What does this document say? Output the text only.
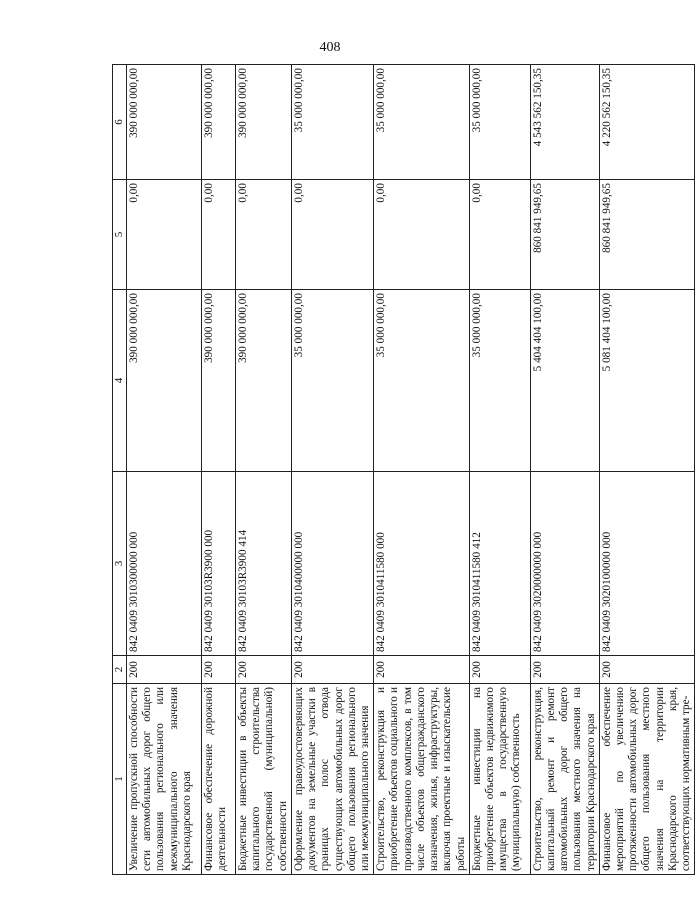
408
1	2	3	4	5	6
Увеличение пропускной способности сети автомобильных дорог общего пользования регионального или межмуниципального значения Краснодарского края	200	842 0409 3010300000 000	390 000 000,00	0,00	390 000 000,00
Финансовое обеспечение дорожной деятельности	200	842 0409 30103R3900 000	390 000 000,00	0,00	390 000 000,00
Бюджетные инвестиции в объекты капитального строительства государственной (муниципальной) собственности	200	842 0409 30103R3900 414	390 000 000,00	0,00	390 000 000,00
Оформление правоудостоверяющих документов на земельные участки в границах полос отвода существующих автомобильных дорог общего пользования регионального или межмуниципального значения	200	842 0409 3010400000 000	35 000 000,00	0,00	35 000 000,00
Строительство, реконструкция и приобретение объектов социального и производственного комплексов, в том числе объектов общегражданского назначения, жилья, инфраструктуры, включая проектные и изыскательские работы	200	842 0409 3010411580 000	35 000 000,00	0,00	35 000 000,00
Бюджетные инвестиции на приобретение объектов недвижимого имущества в государственную (муниципальную) собственность	200	842 0409 3010411580 412	35 000 000,00	0,00	35 000 000,00
Строительство, реконструкция, капитальный ремонт и ремонт автомобильных дорог общего пользования местного значения на территории Краснодарского края	200	842 0409 3020000000 000	5 404 404 100,00	860 841 949,65	4 543 562 150,35
Финансовое обеспечение мероприятий по увеличению протяженности автомобильных дорог общего пользования местного значения на территории Краснодарского края, соответствующих нормативным тре-	200	842 0409 3020100000 000	5 081 404 100,00	860 841 949,65	4 220 562 150,35
